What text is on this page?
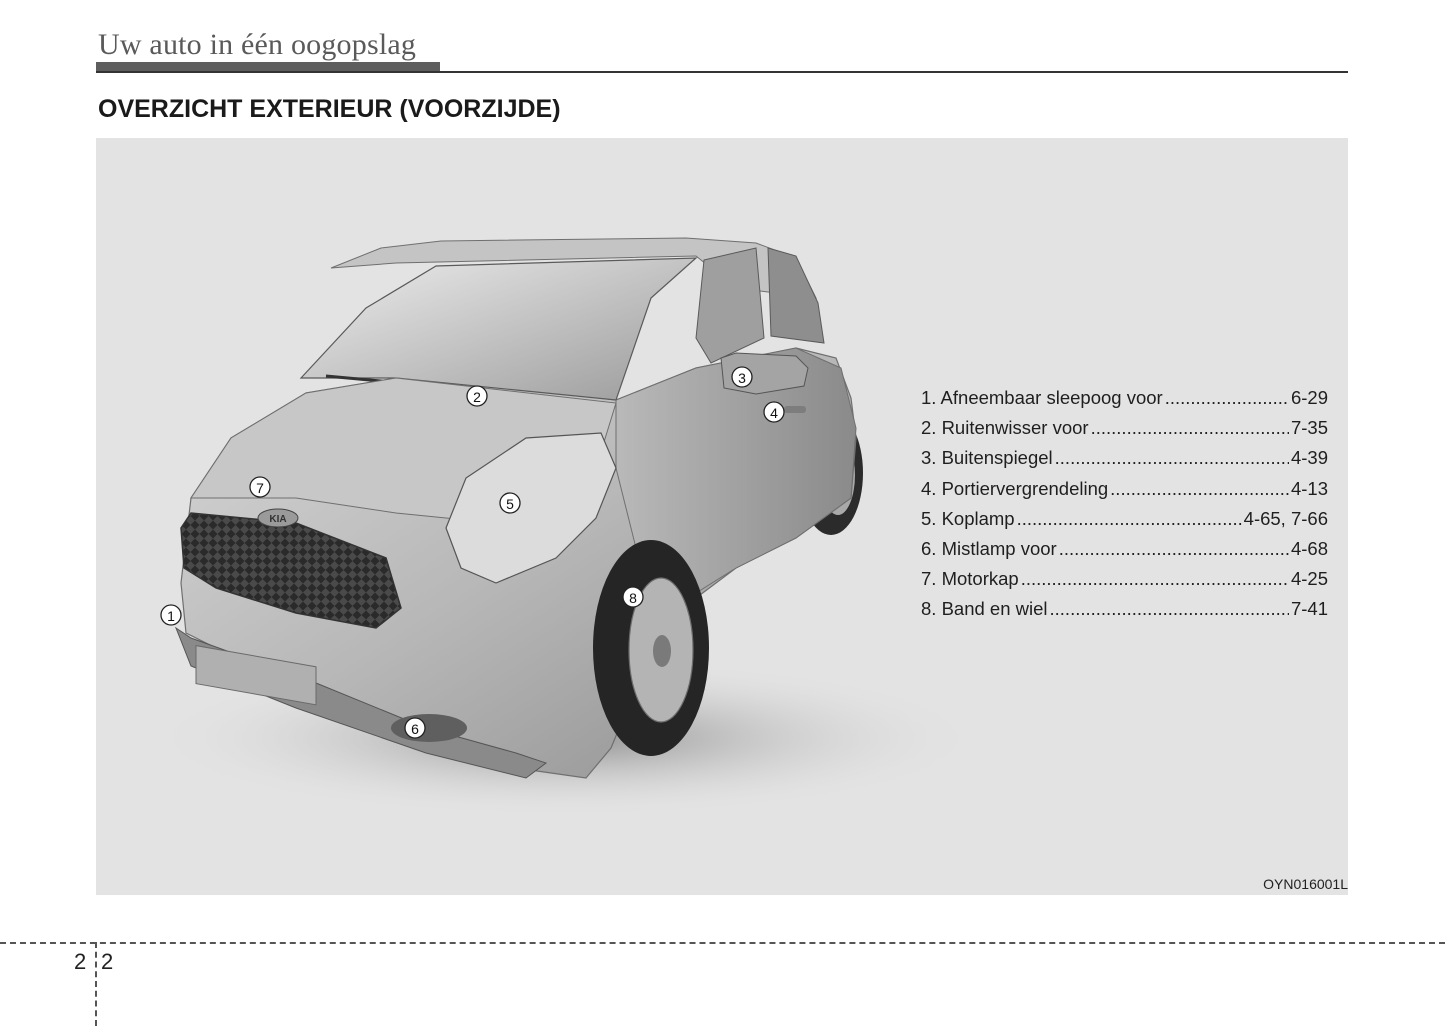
Uw auto in één oogopslag
OVERZICHT EXTERIEUR (VOORZIJDE)
KIA
1
2
3
4
5
6
7
8
1. Afneembaar sleepoog voor .....	6-29
2. Ruitenwisser voor .....	7-35
3. Buitenspiegel .....	4-39
4. Portiervergrendeling .....	4-13
5. Koplamp .....	4-65, 7-66
6. Mistlamp voor .....	4-68
7. Motorkap .....	4-25
8. Band en wiel .....	7-41
OYN016001L
2 2
